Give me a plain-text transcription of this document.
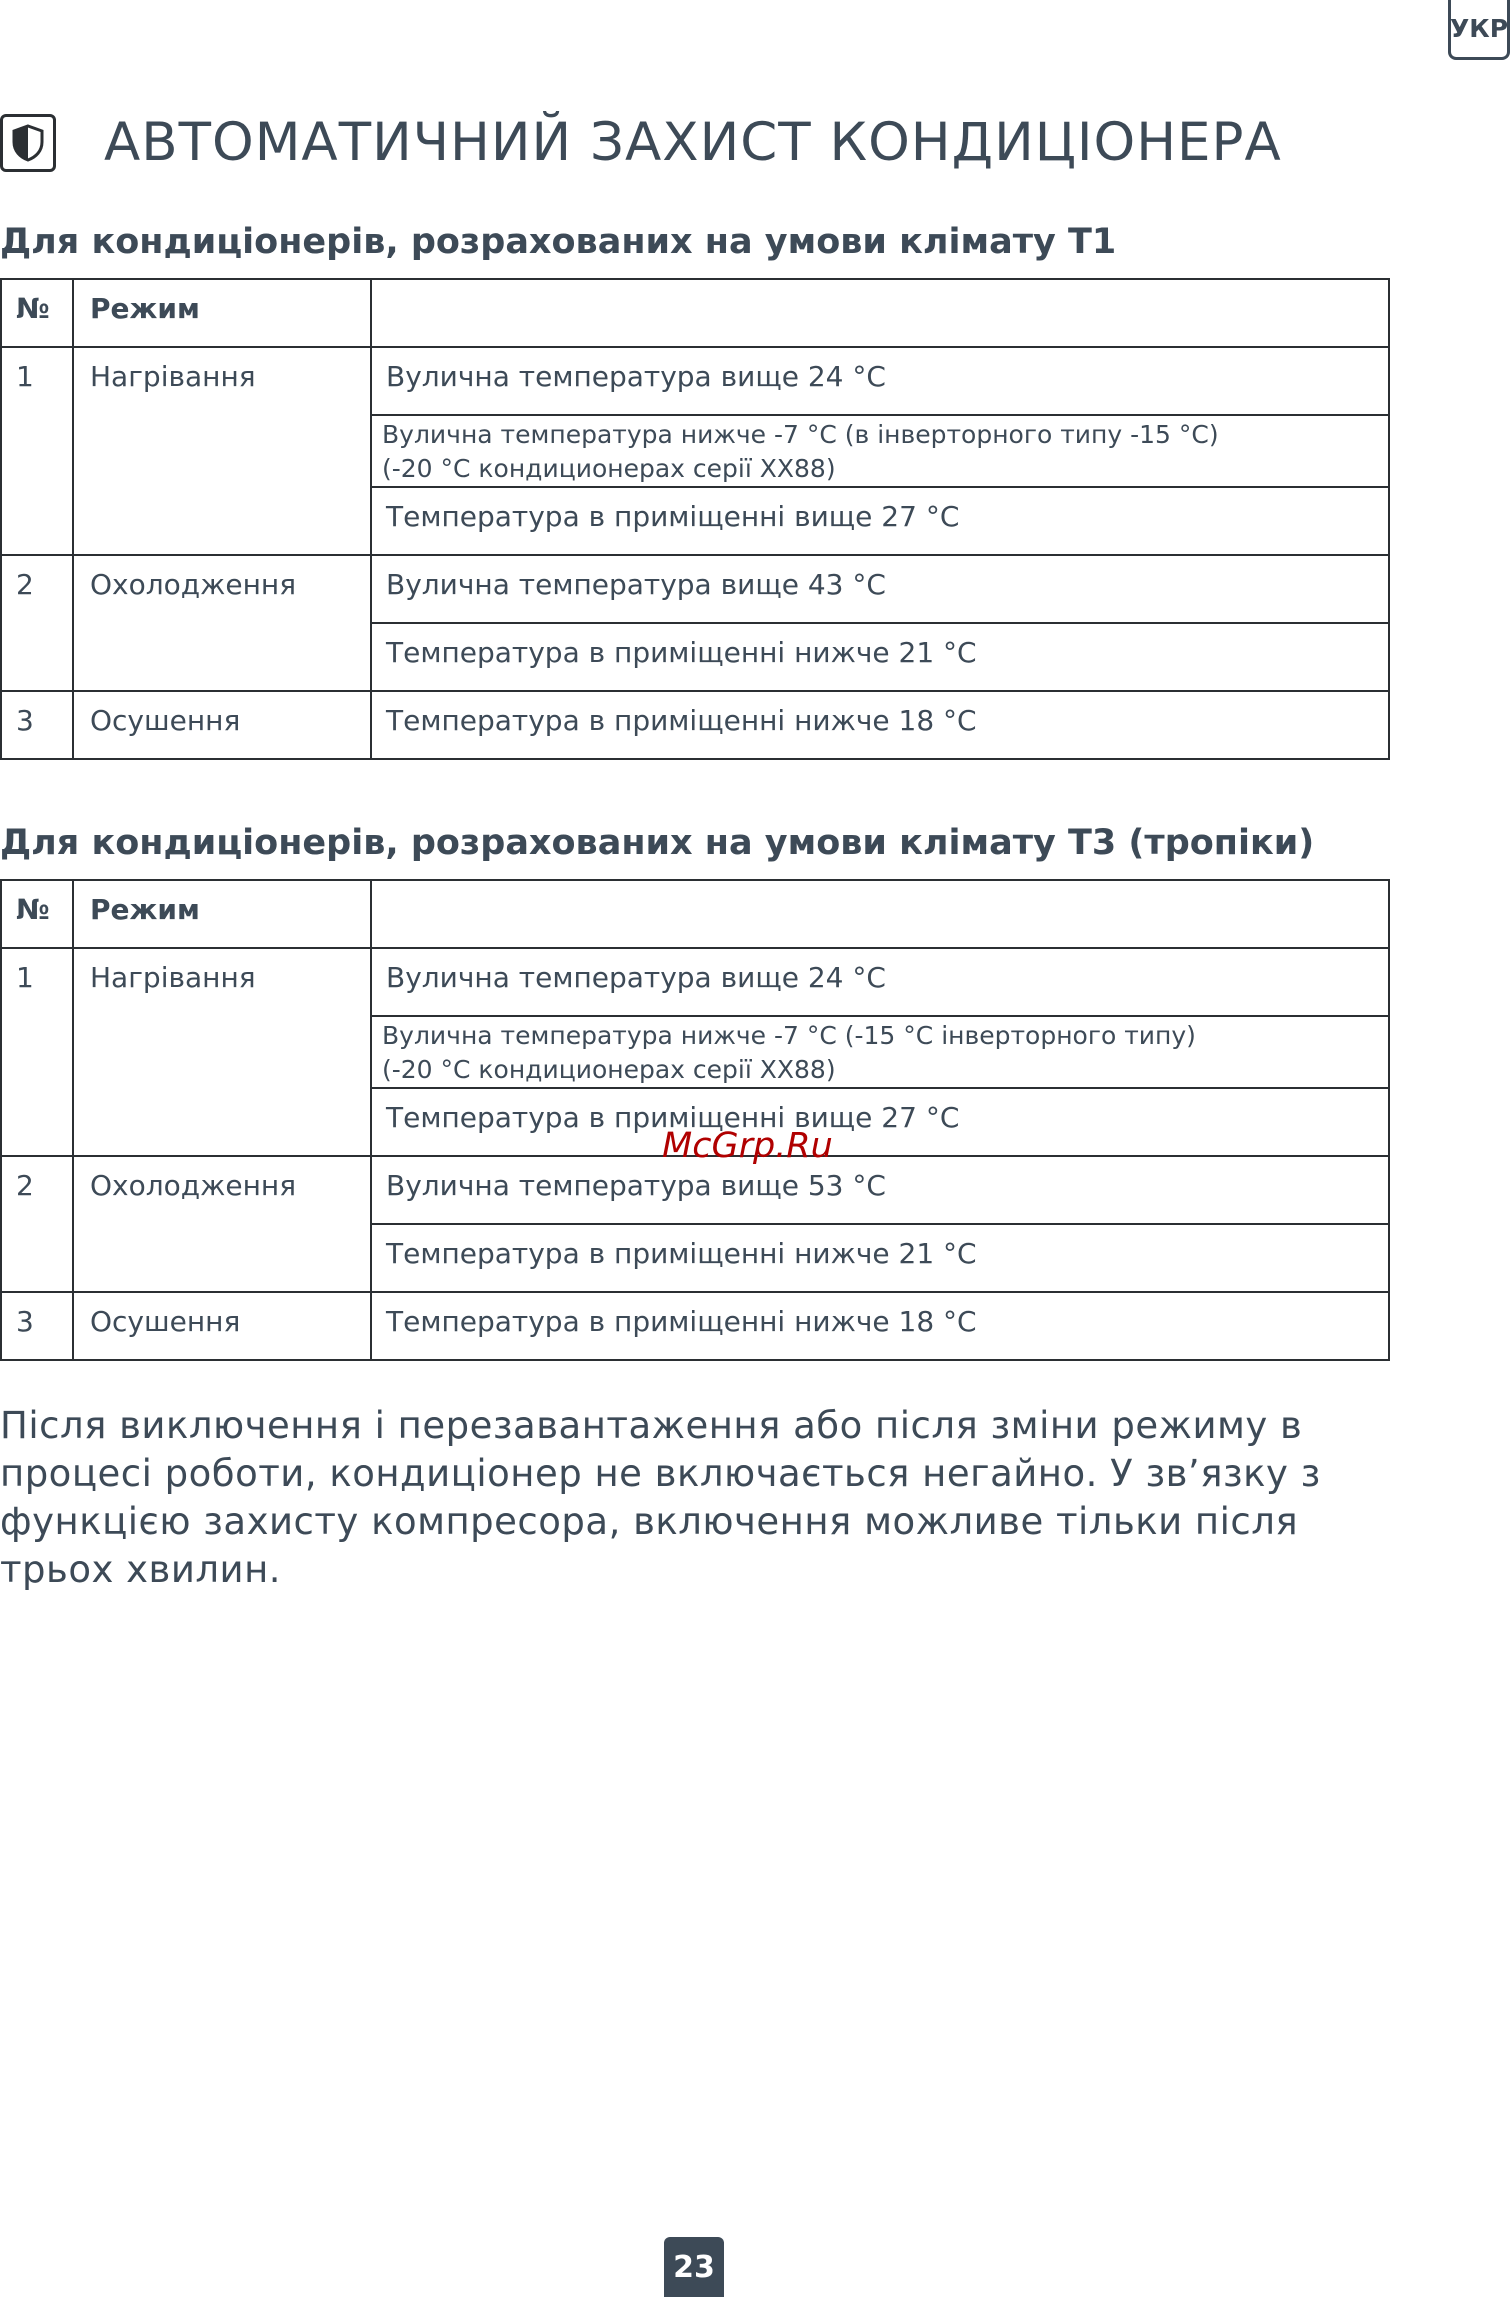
УКР
АВТОМАТИЧНИЙ ЗАХИСТ КОНДИЦІОНЕРА
Для кондиціонерів, розрахованих на умови клімату Т1
№	Режим	
1	Нагрівання	Вулична температура вище 24 °C
		Вулична температура нижче -7 °C (в інверторного типу -15 °C)
(-20 °C кондиционерах серії XX88)
		Температура в приміщенні вище 27 °C
2	Охолодження	Вулична температура вище 43 °C
		Температура в приміщенні нижче 21 °C
3	Осушення	Температура в приміщенні нижче 18 °C
Для кондиціонерів, розрахованих на умови клімату Т3 (тропіки)
№	Режим	
1	Нагрівання	Вулична температура вище 24 °C
		Вулична температура нижче -7 °C (-15 °C інверторного типу)
(-20 °C кондиционерах серії XX88)
		Температура в приміщенні вище 27 °C
2	Охолодження	Вулична температура вище 53 °C
		Температура в приміщенні нижче 21 °C
3	Осушення	Температура в приміщенні нижче 18 °C
McGrp.Ru
Після виключення і перезавантаження або після зміни режиму в процесі роботи, кондиціонер не включається негайно. У зв’язку з функцією захисту компресора, включення можливе тільки після трьох хвилин.
23
